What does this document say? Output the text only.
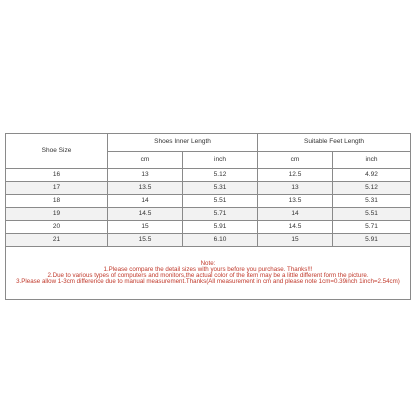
Shoe Size	Shoes Inner Length		Suitable Feet Length	
	cm	inch	cm	inch
16	13	5.12	12.5	4.92
17	13.5	5.31	13	5.12
18	14	5.51	13.5	5.31
19	14.5	5.71	14	5.51
20	15	5.91	14.5	5.71
21	15.5	6.10	15	5.91

Note:
1.Please compare the detail sizes with yours before you purchase. Thanks!!!
2.Due to various types of computers and monitors,the actual color of the item may be a little different form the picture.
3.Please allow 1-3cm difference due to manual measurement.Thanks(All measurement in cm and please note 1cm=0.39inch 1inch=2.54cm)				
